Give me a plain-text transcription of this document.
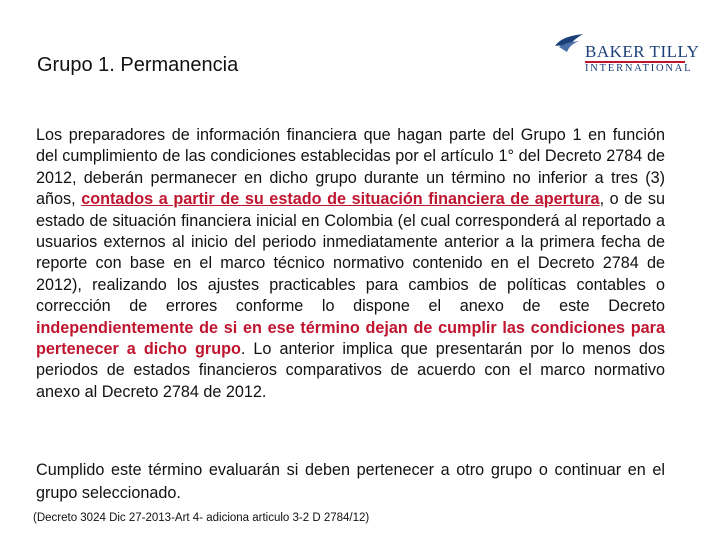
Grupo 1. Permanencia
BAKER TILLY
INTERNATIONAL

Los preparadores de información financiera que hagan parte del Grupo 1 en función del cumplimiento de las condiciones establecidas por el artículo 1° del Decreto 2784 de 2012, deberán permanecer en dicho grupo durante un término no inferior a tres (3) años, contados a partir de su estado de situación financiera de apertura, o de su estado de situación financiera inicial en Colombia (el cual corresponderá al reportado a usuarios externos al inicio del periodo inmediatamente anterior a la primera fecha de reporte con base en el marco técnico normativo contenido en el Decreto 2784 de 2012), realizando los ajustes practicables para cambios de políticas contables o corrección de errores conforme lo dispone el anexo de este Decreto independientemente de si en ese término dejan de cumplir las condiciones para pertenecer a dicho grupo. Lo anterior implica que presentarán por lo menos dos periodos de estados financieros comparativos de acuerdo con el marco normativo anexo al Decreto 2784 de 2012.

Cumplido este término evaluarán si deben pertenecer a otro grupo o continuar en el grupo seleccionado.

(Decreto 3024 Dic 27-2013-Art 4- adiciona articulo 3-2 D 2784/12)
